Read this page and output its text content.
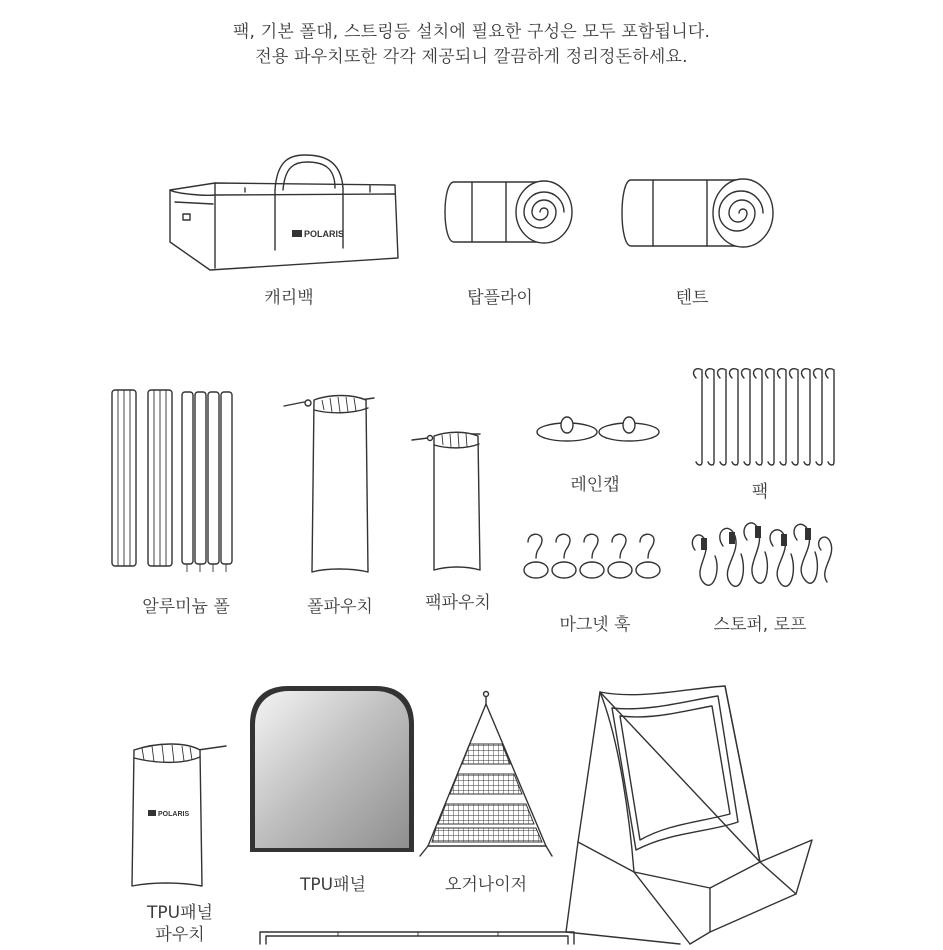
팩, 기본 폴대, 스트링등 설치에 필요한 구성은 모두 포함됩니다.
전용 파우치또한 각각 제공되니 깔끔하게 정리정돈하세요.
POLARIS
캐리백	탑플라이	텐트
알루미늄 폴	폴파우치	팩파우치
레인캡	팩
마그넷 훅	스토퍼, 로프
POLARIS
TPU패널
파우치
TPU패널	오거나이저
